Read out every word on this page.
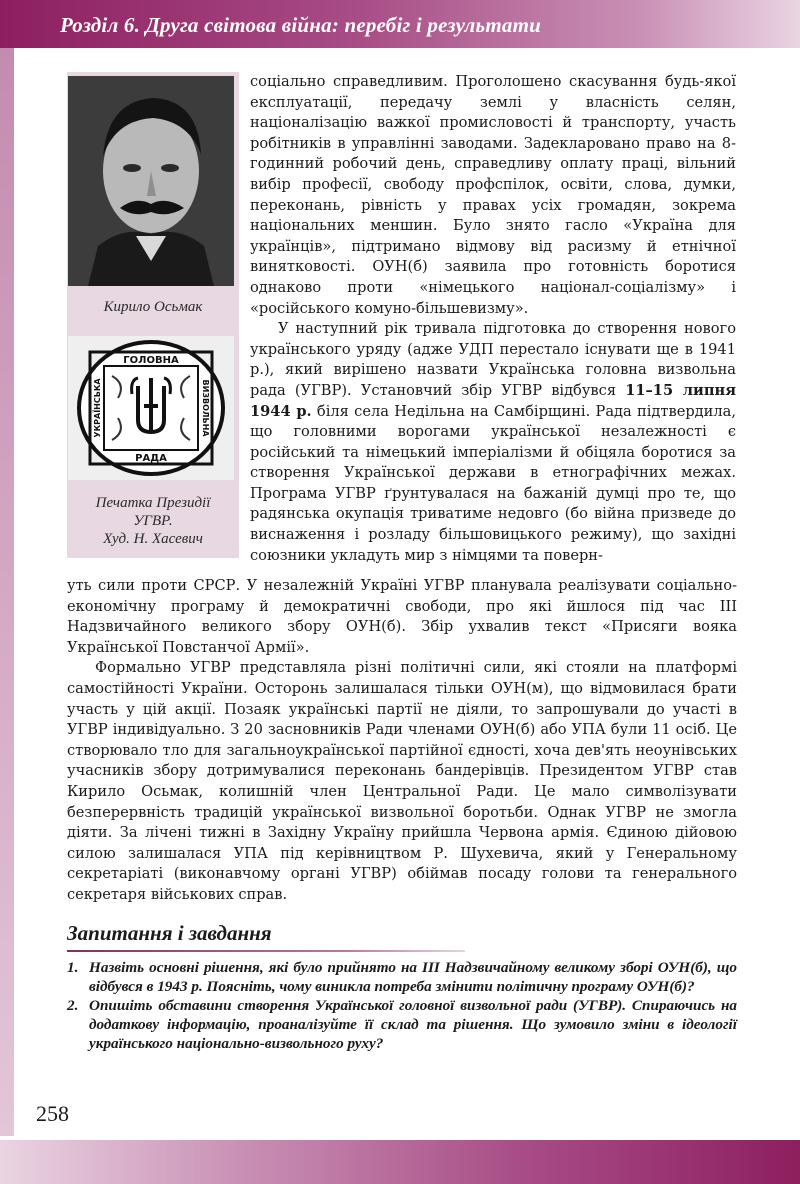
Розділ 6. Друга світова війна: перебіг і результати
Кирило Осьмак
ГОЛОВНА
РАДА
УКРАЇНСЬКА	ВИЗВОЛЬНА
Печатка Президії
УГВР.
Худ. Н. Хасевич

соціально справедливим. Проголошено скасування будь-якої експлуатації, передачу землі у власність селян, націоналізацію важкої промисловості й транспорту, участь робітників в управлінні заводами. Задекларовано право на 8-годинний робочий день, справедливу оплату праці, вільний вибір професії, свободу профспілок, освіти, слова, думки, переконань, рівність у правах усіх громадян, зокрема національних меншин. Було знято гасло «Україна для українців», підтримано відмову від расизму й етнічної винятковості. ОУН(б) заявила про готовність боротися однаково проти «німецького націонал-соціалізму» і «російського комуно-більшевизму».

У наступний рік тривала підготовка до створення нового українського уряду (адже УДП перестало існувати ще в 1941 р.), який вирішено назвати Українська головна визвольна рада (УГВР). Установчий збір УГВР відбувся 11–15 липня 1944 р. біля села Недільна на Самбірщині. Рада підтвердила, що головними ворогами української незалежності є російський та німецький імперіалізми й обіцяла боротися за створення Української держави в етнографічних межах. Програма УГВР ґрунтувалася на бажаній думці про те, що радянська окупація триватиме недовго (бо війна призведе до виснаження і розладу більшовицького режиму), що західні союзники укладуть мир з німцями та поверн-

уть сили проти СРСР. У незалежній Україні УГВР планувала реалізувати соціально-економічну програму й демократичні свободи, про які йшлося під час III Надзвичайного великого збору ОУН(б). Збір ухвалив текст «Присяги вояка Української Повстанчої Армії».

Формально УГВР представляла різні політичні сили, які стояли на платформі самостійності України. Осторонь залишалася тільки ОУН(м), що відмовилася брати участь у цій акції. Позаяк українські партії не діяли, то запрошували до участі в УГВР індивідуально. З 20 засновників Ради членами ОУН(б) або УПА були 11 осіб. Це створювало тло для загальноукраїнської партійної єдності, хоча дев'ять неоунівських учасників збору дотримувалися переконань бандерівців. Президентом УГВР став Кирило Осьмак, колишній член Центральної Ради. Це мало символізувати безперервність традицій української визвольної боротьби. Однак УГВР не змогла діяти. За лічені тижні в Західну Україну прийшла Червона армія. Єдиною дійовою силою залишалася УПА під керівництвом Р. Шухевича, який у Генеральному секретаріаті (виконавчому органі УГВР) обіймав посаду голови та генерального секретаря військових справ.

Запитання і завдання
1. Назвіть основні рішення, які було прийнято на III Надзвичайному великому зборі ОУН(б), що відбувся в 1943 р. Поясніть, чому виникла потреба змінити політичну програму ОУН(б)?
2. Опишіть обставини створення Української головної визвольної ради (УГВР). Спираючись на додаткову інформацію, проаналізуйте її склад та рішення. Що зумовило зміни в ідеології українського національно-визвольного руху?
258
